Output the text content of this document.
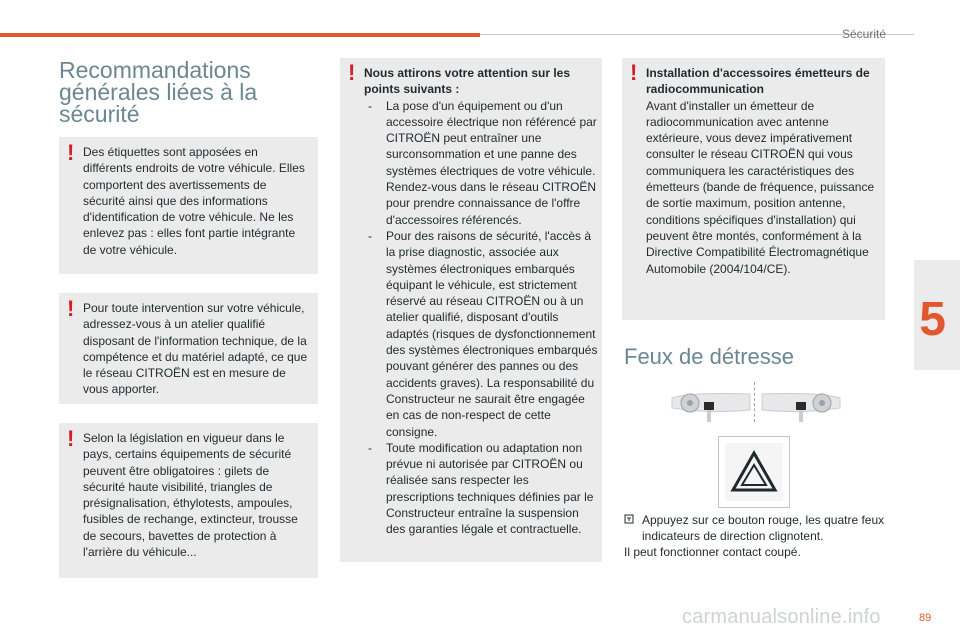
Sécurité
5
Recommandations générales liées à la sécurité
! Des étiquettes sont apposées en différents endroits de votre véhicule. Elles comportent des avertissements de sécurité ainsi que des informations d'identification de votre véhicule. Ne les enlevez pas : elles font partie intégrante de votre véhicule.
! Pour toute intervention sur votre véhicule, adressez-vous à un atelier qualifié disposant de l'information technique, de la compétence et du matériel adapté, ce que le réseau CITROËN est en mesure de vous apporter.
! Selon la législation en vigueur dans le pays, certains équipements de sécurité peuvent être obligatoires : gilets de sécurité haute visibilité, triangles de présignalisation, éthylotests, ampoules, fusibles de rechange, extincteur, trousse de secours, bavettes de protection à l'arrière du véhicule...
! Nous attirons votre attention sur les points suivants :
- La pose d'un équipement ou d'un accessoire électrique non référencé par CITROËN peut entraîner une surconsommation et une panne des systèmes électriques de votre véhicule. Rendez-vous dans le réseau CITROËN pour prendre connaissance de l'offre d'accessoires référencés.
- Pour des raisons de sécurité, l'accès à la prise diagnostic, associée aux systèmes électroniques embarqués équipant le véhicule, est strictement réservé au réseau CITROËN ou à un atelier qualifié, disposant d'outils adaptés (risques de dysfonctionnement des systèmes électroniques embarqués pouvant générer des pannes ou des accidents graves). La responsabilité du Constructeur ne saurait être engagée en cas de non-respect de cette consigne.
- Toute modification ou adaptation non prévue ni autorisée par CITROËN ou réalisée sans respecter les prescriptions techniques définies par le Constructeur entraîne la suspension des garanties légale et contractuelle.
! Installation d'accessoires émetteurs de radiocommunication
Avant d'installer un émetteur de radiocommunication avec antenne extérieure, vous devez impérativement consulter le réseau CITROËN qui vous communiquera les caractéristiques des émetteurs (bande de fréquence, puissance de sortie maximum, position antenne, conditions spécifiques d'installation) qui peuvent être montés, conformément à la Directive Compatibilité Électromagnétique Automobile (2004/104/CE).
Feux de détresse
Appuyez sur ce bouton rouge, les quatre feux indicateurs de direction clignotent.
Il peut fonctionner contact coupé.
carmanualsonline.info	89
